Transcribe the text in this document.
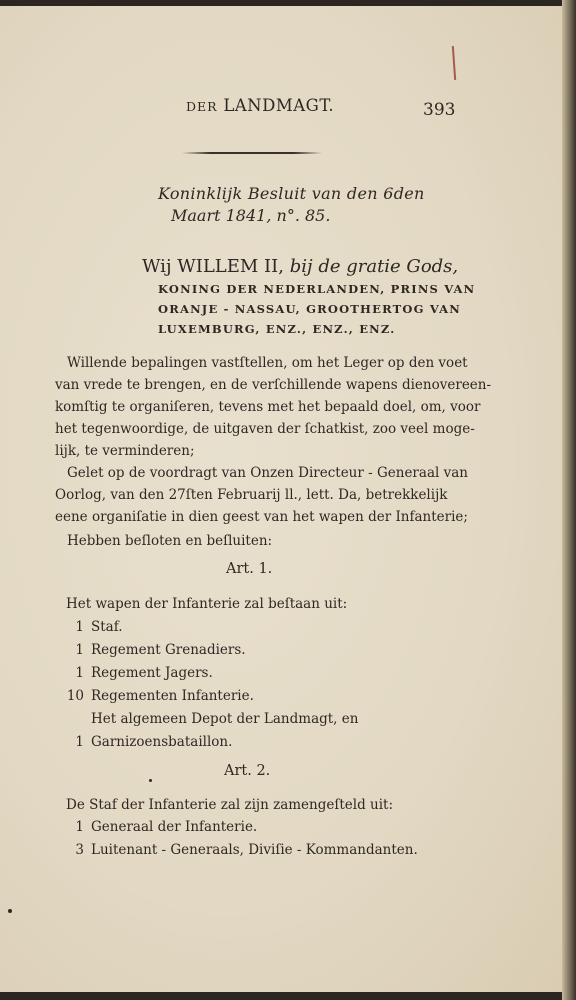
DER LANDMAGT.	393
Koninklijk Besluit van den 6den
Maart 1841, n°. 85.
Wij WILLEM II, bij de gratie Gods,
KONING DER NEDERLANDEN, PRINS VAN
ORANJE - NASSAU, GROOTHERTOG VAN
LUXEMBURG, ENZ., ENZ., ENZ.
Willende bepalingen vastſtellen, om het Leger op den voet
van vrede te brengen, en de verſchillende wapens dienovereen-
komſtig te organiſeren, tevens met het bepaald doel, om, voor
het tegenwoordige, de uitgaven der ſchatkist, zoo veel moge-
lijk, te verminderen;
Gelet op de voordragt van Onzen Directeur - Generaal van
Oorlog, van den 27ſten Februarij ll., lett. Da, betrekkelijk
eene organiſatie in dien geest van het wapen der Infanterie;
Hebben beſloten en beſluiten:
Art. 1.
Het wapen der Infanterie zal beſtaan uit:
1 Staf.
1 Regement Grenadiers.
1 Regement Jagers.
10 Regementen Infanterie.
Het algemeen Depot der Landmagt, en
1 Garnizoensbataillon.
Art. 2.
De Staf der Infanterie zal zijn zamengeſteld uit:
1 Generaal der Infanterie.
3 Luitenant - Generaals, Diviſie - Kommandanten.
